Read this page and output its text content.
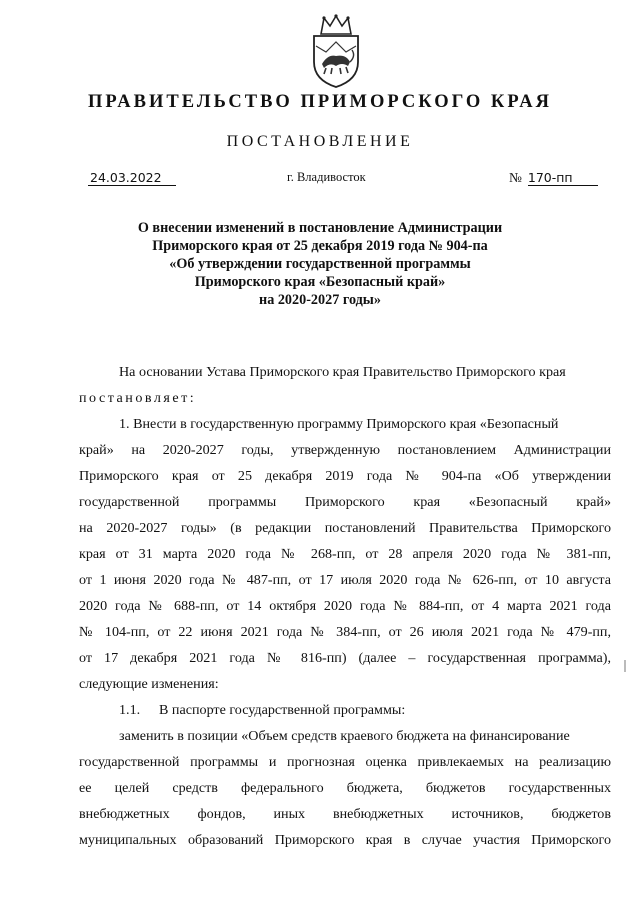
ПРАВИТЕЛЬСТВО ПРИМОРСКОГО КРАЯ
ПОСТАНОВЛЕНИЕ
24.03.2022	г. Владивосток	№ 170-пп
О внесении изменений в постановление Администрации
Приморского края от 25 декабря 2019 года № 904-па
«Об утверждении государственной программы
Приморского края «Безопасный край»
на 2020-2027 годы»
На основании Устава Приморского края Правительство Приморского края
постановляет:
1. Внести в государственную программу Приморского края «Безопасный
край» на 2020-2027 годы, утвержденную постановлением Администрации
Приморского края от 25 декабря 2019 года № 904-па «Об утверждении
государственной программы Приморского края «Безопасный край»
на 2020-2027 годы» (в редакции постановлений Правительства Приморского
края от 31 марта 2020 года № 268-пп, от 28 апреля 2020 года № 381-пп,
от 1 июня 2020 года № 487-пп, от 17 июля 2020 года № 626-пп, от 10 августа
2020 года № 688-пп, от 14 октября 2020 года № 884-пп, от 4 марта 2021 года
№ 104-пп, от 22 июня 2021 года № 384-пп, от 26 июля 2021 года № 479-пп,
от 17 декабря 2021 года № 816-пп) (далее – государственная программа),
следующие изменения:
1.1. В паспорте государственной программы:
заменить в позиции «Объем средств краевого бюджета на финансирование
государственной программы и прогнозная оценка привлекаемых на реализацию
ее целей средств федерального бюджета, бюджетов государственных
внебюджетных фондов, иных внебюджетных источников, бюджетов
муниципальных образований Приморского края в случае участия Приморского
